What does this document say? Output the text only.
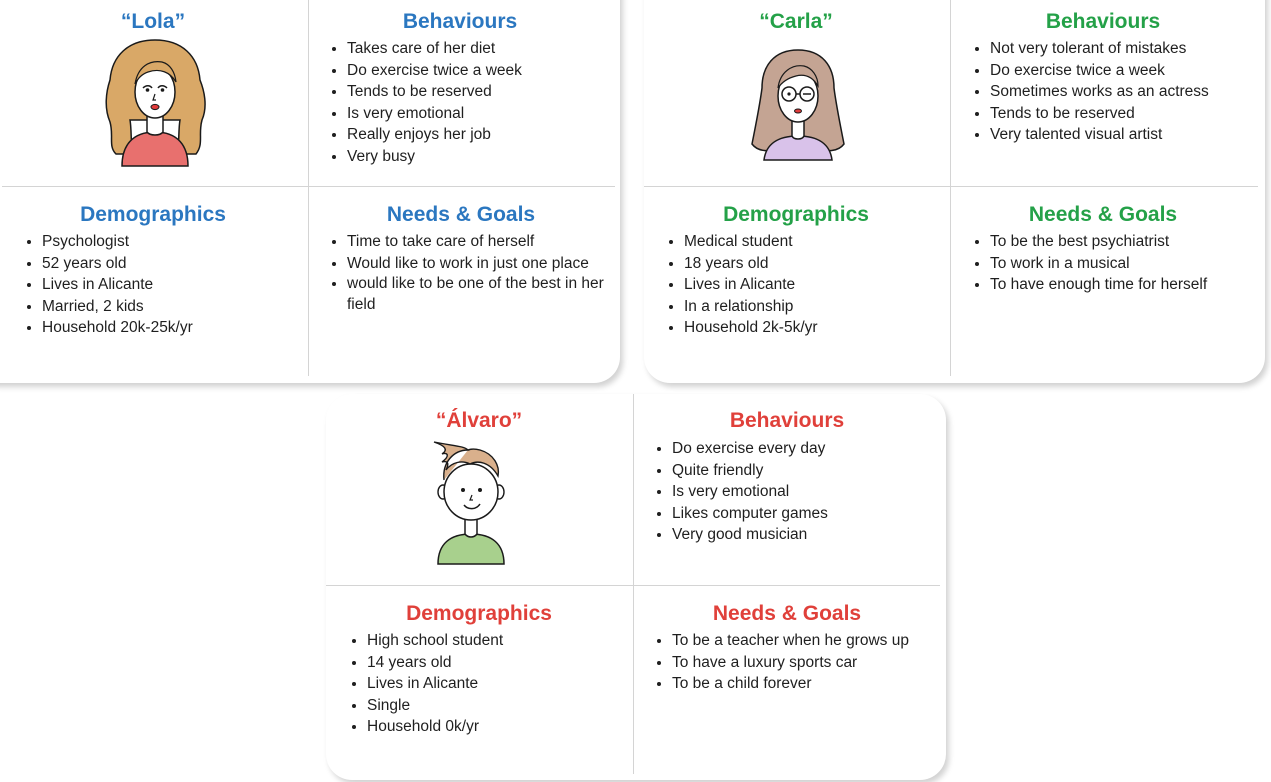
“Lola”	Behaviours
• Takes care of her diet
• Do exercise twice a week
• Tends to be reserved
• Is very emotional
• Really enjoys her job
• Very busy
Demographics
• Psychologist
• 52 years old
• Lives in Alicante
• Married, 2 kids
• Household 20k-25k/yr
Needs & Goals
• Time to take care of herself
• Would like to work in just one place
• would like to be one of the best in her field
“Carla”	Behaviours
• Not very tolerant of mistakes
• Do exercise twice a week
• Sometimes works as an actress
• Tends to be reserved
• Very talented visual artist
Demographics
• Medical student
• 18 years old
• Lives in Alicante
• In a relationship
• Household 2k-5k/yr
Needs & Goals
• To be the best psychiatrist
• To work in a musical
• To have enough time for herself
“Álvaro”	Behaviours
• Do exercise every day
• Quite friendly
• Is very emotional
• Likes computer games
• Very good musician
Demographics
• High school student
• 14 years old
• Lives in Alicante
• Single
• Household 0k/yr
Needs & Goals
• To be a teacher when he grows up
• To have a luxury sports car
• To be a child forever
